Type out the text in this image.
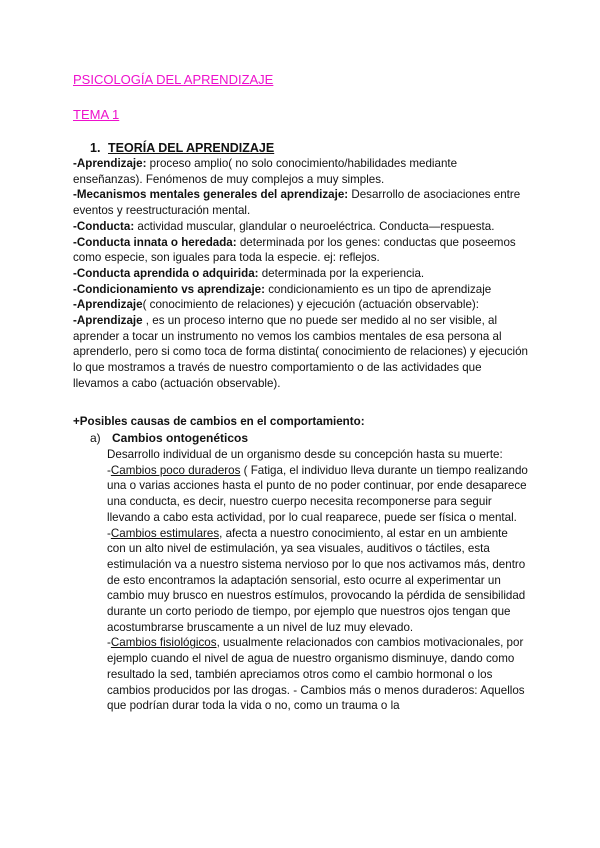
PSICOLOGÍA DEL APRENDIZAJE
TEMA 1
1. TEORÍA DEL APRENDIZAJE

-Aprendizaje: proceso amplio( no solo conocimiento/habilidades mediante enseñanzas). Fenómenos de muy complejos a muy simples.

-Mecanismos mentales generales del aprendizaje: Desarrollo de asociaciones entre eventos y reestructuración mental.

-Conducta: actividad muscular, glandular o neuroeléctrica. Conducta—respuesta.

-Conducta innata o heredada: determinada por los genes: conductas que poseemos como especie, son iguales para toda la especie. ej: reflejos.

-Conducta aprendida o adquirida: determinada por la experiencia.

-Condicionamiento vs aprendizaje: condicionamiento es un tipo de aprendizaje

-Aprendizaje( conocimiento de relaciones) y ejecución (actuación observable):

-Aprendizaje , es un proceso interno que no puede ser medido al no ser visible, al aprender a tocar un instrumento no vemos los cambios mentales de esa persona al aprenderlo, pero si como toca de forma distinta( conocimiento de relaciones) y ejecución lo que mostramos a través de nuestro comportamiento o de las actividades que llevamos a cabo (actuación observable).

+Posibles causas de cambios en el comportamiento:
a) Cambios ontogenéticos

Desarrollo individual de un organismo desde su concepción hasta su muerte:

-Cambios poco duraderos ( Fatiga, el individuo lleva durante un tiempo realizando una o varias acciones hasta el punto de no poder continuar, por ende desaparece una conducta, es decir, nuestro cuerpo necesita recomponerse para seguir llevando a cabo esta actividad, por lo cual reaparece, puede ser física o mental.

-Cambios estimulares, afecta a nuestro conocimiento, al estar en un ambiente con un alto nivel de estimulación, ya sea visuales, auditivos o táctiles, esta estimulación va a nuestro sistema nervioso por lo que nos activamos más, dentro de esto encontramos la adaptación sensorial, esto ocurre al experimentar un cambio muy brusco en nuestros estímulos, provocando la pérdida de sensibilidad durante un corto periodo de tiempo, por ejemplo que nuestros ojos tengan que acostumbrarse bruscamente a un nivel de luz muy elevado.

-Cambios fisiológicos, usualmente relacionados con cambios motivacionales, por ejemplo cuando el nivel de agua de nuestro organismo disminuye, dando como resultado la sed, también apreciamos otros como el cambio hormonal o los cambios producidos por las drogas. - Cambios más o menos duraderos: Aquellos que podrían durar toda la vida o no, como un trauma o la
